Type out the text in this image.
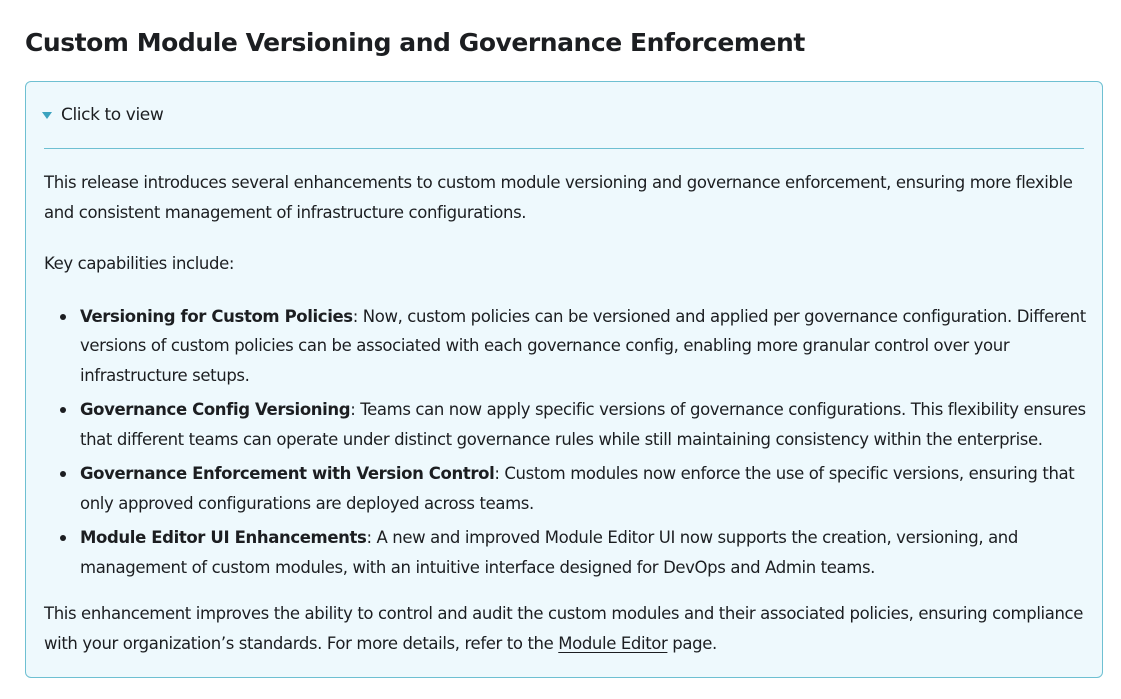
Custom Module Versioning and Governance Enforcement
Click to view

This release introduces several enhancements to custom module versioning and governance enforcement, ensuring more flexible and consistent management of infrastructure configurations.

Key capabilities include:

Versioning for Custom Policies: Now, custom policies can be versioned and applied per governance configuration. Different versions of custom policies can be associated with each governance config, enabling more granular control over your infrastructure setups.
Governance Config Versioning: Teams can now apply specific versions of governance configurations. This flexibility ensures that different teams can operate under distinct governance rules while still maintaining consistency within the enterprise.
Governance Enforcement with Version Control: Custom modules now enforce the use of specific versions, ensuring that only approved configurations are deployed across teams.
Module Editor UI Enhancements: A new and improved Module Editor UI now supports the creation, versioning, and management of custom modules, with an intuitive interface designed for DevOps and Admin teams.

This enhancement improves the ability to control and audit the custom modules and their associated policies, ensuring compliance with your organization’s standards. For more details, refer to the Module Editor page.
